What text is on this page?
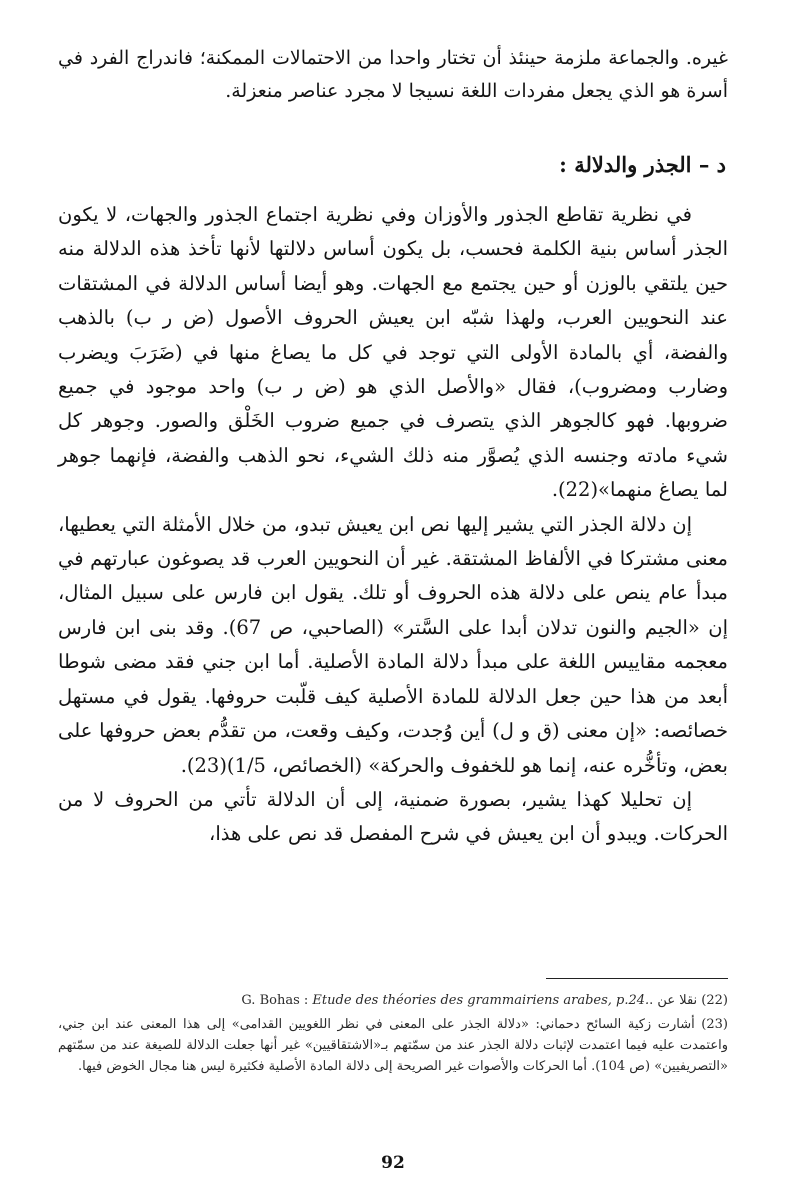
غيره. والجماعة ملزمة حينئذ أن تختار واحدا من الاحتمالات الممكنة؛ فاندراج الفرد في أسرة هو الذي يجعل مفردات اللغة نسيجا لا مجرد عناصر منعزلة.

د – الجذر والدلالة :

في نظرية تقاطع الجذور والأوزان وفي نظرية اجتماع الجذور والجهات، لا يكون الجذر أساس بنية الكلمة فحسب، بل يكون أساس دلالتها لأنها تأخذ هذه الدلالة منه حين يلتقي بالوزن أو حين يجتمع مع الجهات. وهو أيضا أساس الدلالة في المشتقات عند النحويين العرب، ولهذا شبّه ابن يعيش الحروف الأصول (ض ر ب) بالذهب والفضة، أي بالمادة الأولى التي توجد في كل ما يصاغ منها في (ضَرَبَ ويضرب وضارب ومضروب)، فقال «والأصل الذي هو (ض ر ب) واحد موجود في جميع ضروبها. فهو كالجوهر الذي يتصرف في جميع ضروب الخَلْق والصور. وجوهر كل شيء مادته وجنسه الذي يُصوَّر منه ذلك الشيء، نحو الذهب والفضة، فإنهما جوهر لما يصاغ منهما»(22).

إن دلالة الجذر التي يشير إليها نص ابن يعيش تبدو، من خلال الأمثلة التي يعطيها، معنى مشتركا في الألفاظ المشتقة. غير أن النحويين العرب قد يصوغون عبارتهم في مبدأ عام ينص على دلالة هذه الحروف أو تلك. يقول ابن فارس على سبيل المثال، إن «الجيم والنون تدلان أبدا على السَّتر» (الصاحبي، ص 67). وقد بنى ابن فارس معجمه مقاييس اللغة على مبدأ دلالة المادة الأصلية. أما ابن جني فقد مضى شوطا أبعد من هذا حين جعل الدلالة للمادة الأصلية كيف قلّبت حروفها. يقول في مستهل خصائصه: «إن معنى (ق و ل) أين وُجدت، وكيف وقعت، من تقدُّم بعض حروفها على بعض، وتأخُّره عنه، إنما هو للخفوف والحركة» (الخصائص، 1/5)(23).

إن تحليلا كهذا يشير، بصورة ضمنية، إلى أن الدلالة تأتي من الحروف لا من الحركات. ويبدو أن ابن يعيش في شرح المفصل قد نص على هذا،

(22) نقلا عن .G. Bohas : Etude des théories des grammairiens arabes, p.24.

(23) أشارت زكية السائح دحماني: «دلالة الجذر على المعنى في نظر اللغويين القدامى» إلى هذا المعنى عند ابن جني، واعتمدت عليه فيما اعتمدت لإثبات دلالة الجذر عند من سمّتهم بـ«الاشتقاقيين» غير أنها جعلت الدلالة للصيغة عند من سمّتهم «التصريفيين» (ص 104). أما الحركات والأصوات غير الصريحة إلى دلالة المادة الأصلية فكثيرة ليس هنا مجال الخوض فيها.

92
